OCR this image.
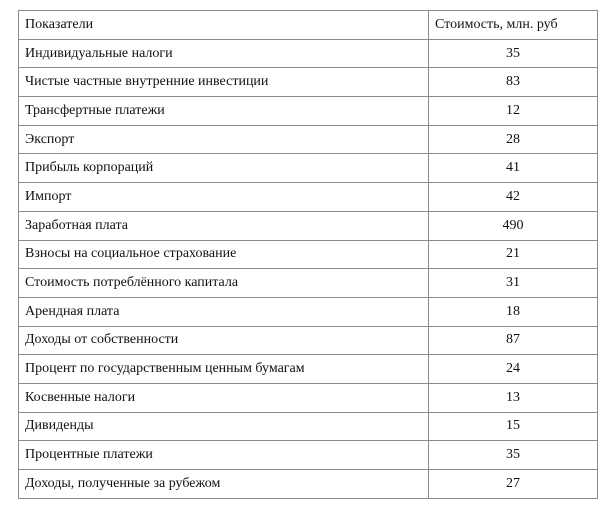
Показатели	Стоимость, млн. руб
Индивидуальные налоги	35
Чистые частные внутренние инвестиции	83
Трансфертные платежи	12
Экспорт	28
Прибыль корпораций	41
Импорт	42
Заработная плата	490
Взносы на социальное страхование	21
Стоимость потреблённого капитала	31
Арендная плата	18
Доходы от собственности	87
Процент по государственным ценным бумагам	24
Косвенные налоги	13
Дивиденды	15
Процентные платежи	35
Доходы, полученные за рубежом	27
